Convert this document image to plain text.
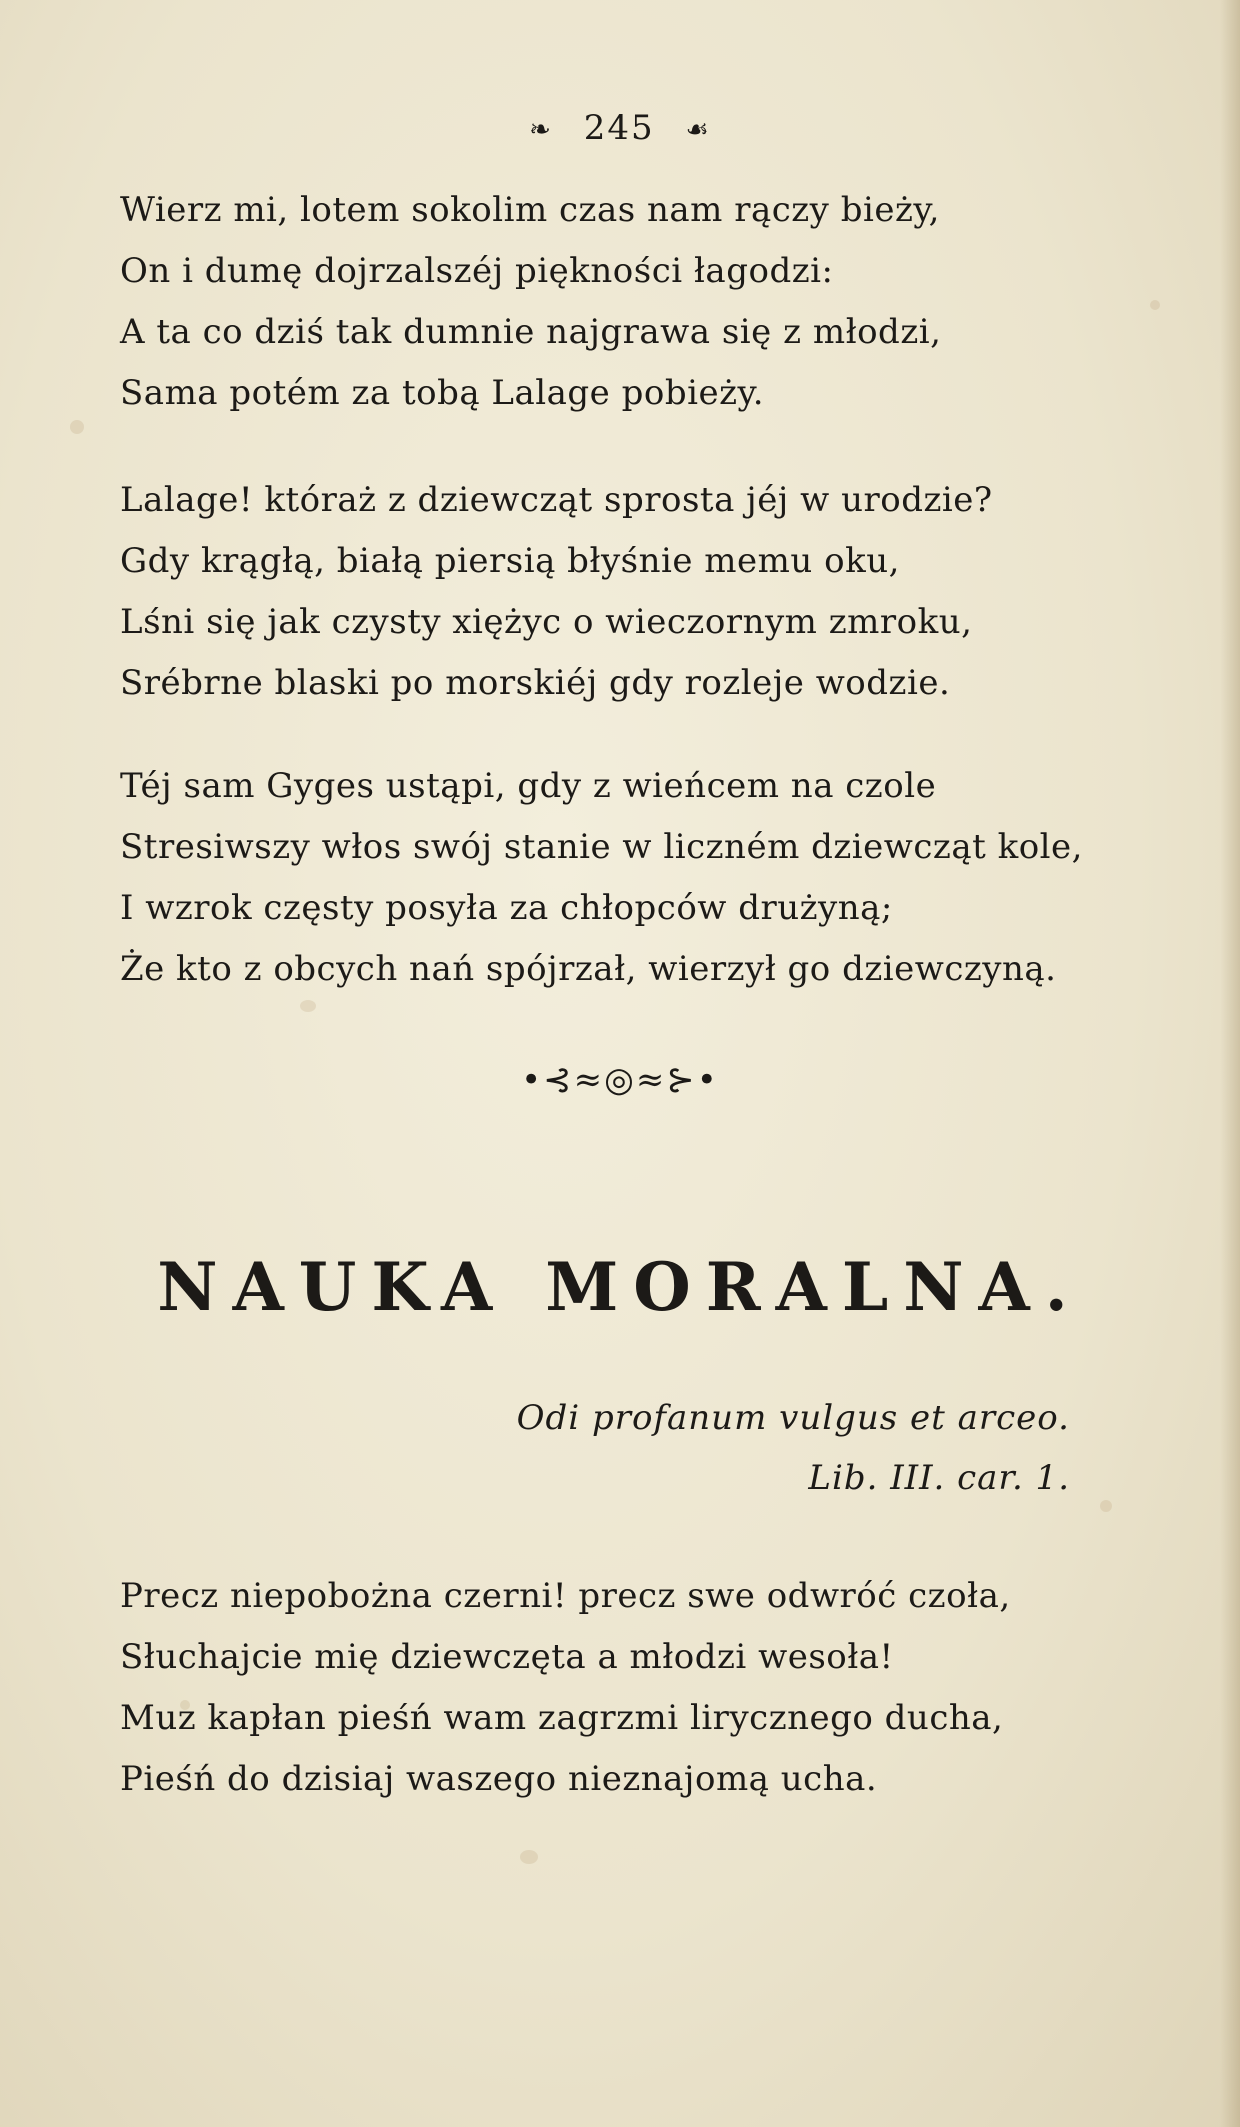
❧ 245 ☙
Wierz mi, lotem sokolim czas nam rączy bieży,
On i dumę dojrzalszéj piękności łagodzi:
A ta co dziś tak dumnie najgrawa się z młodzi,
Sama potém za tobą Lalage pobieży.
Lalage! któraż z dziewcząt sprosta jéj w urodzie?
Gdy krągłą, białą piersią błyśnie memu oku,
Lśni się jak czysty xiężyc o wieczornym zmroku,
Srébrne blaski po morskiéj gdy rozleje wodzie.
Téj sam Gyges ustąpi, gdy z wieńcem na czole
Stresiwszy włos swój stanie w liczném dziewcząt kole,
I wzrok częsty posyła za chłopców drużyną;
Że kto z obcych nań spójrzał, wierzył go dziewczyną.
•⊰≈◎≈⊱•
NAUKA MORALNA.
Odi profanum vulgus et arceo.
Lib. III. car. 1.
Precz niepobożna czerni! precz swe odwróć czoła,
Słuchajcie mię dziewczęta a młodzi wesoła!
Muz kapłan pieśń wam zagrzmi lirycznego ducha,
Pieśń do dzisiaj waszego nieznajomą ucha.
